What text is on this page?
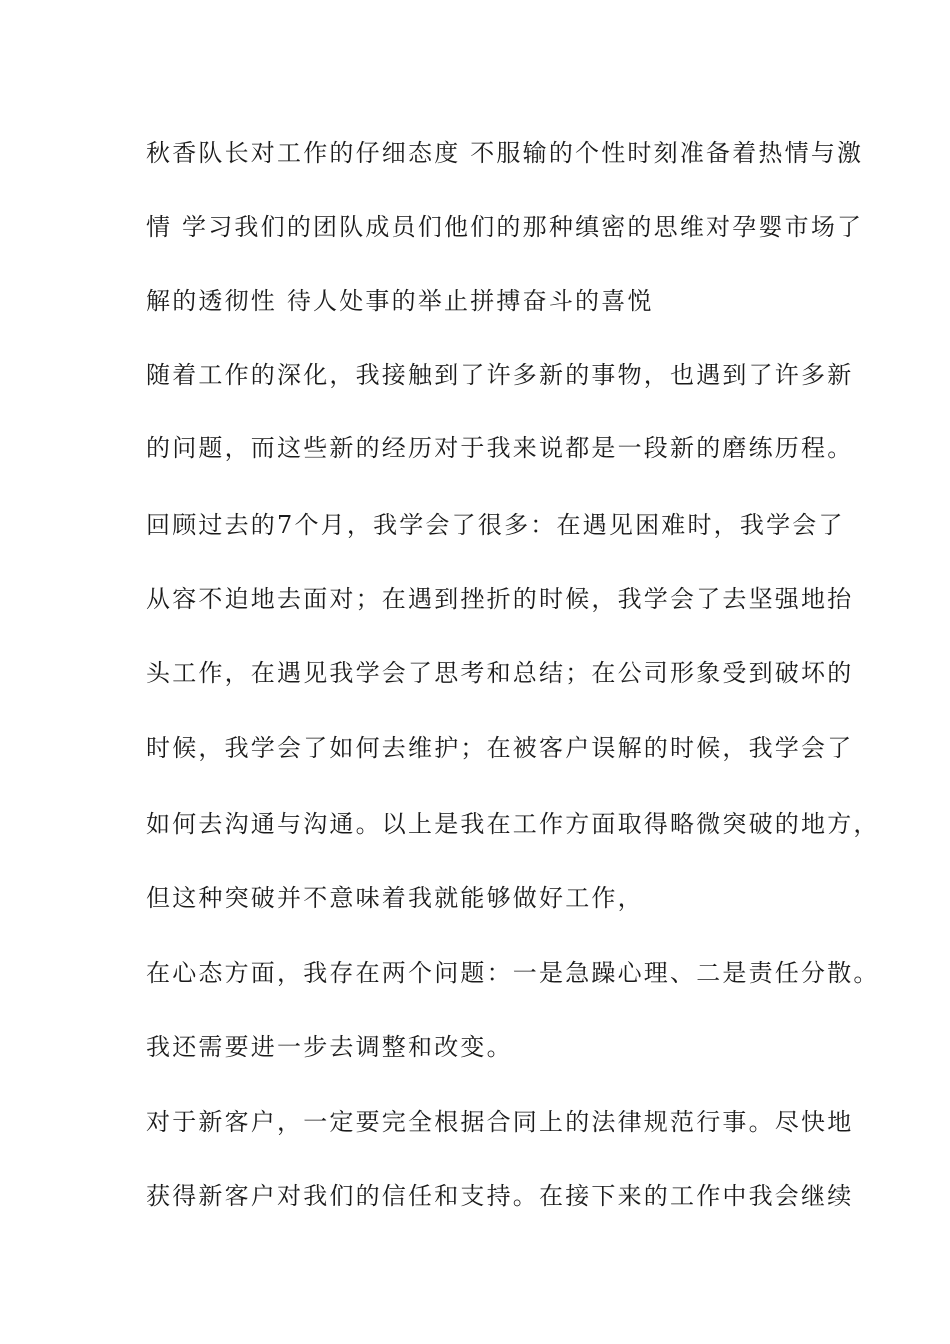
秋香队长对工作的仔细态度 不服输的个性时刻准备着热情与激
情 学习我们的团队成员们他们的那种缜密的思维对孕婴市场了
解的透彻性 待人处事的举止拼搏奋斗的喜悦
随着工作的深化，我接触到了许多新的事物，也遇到了许多新
的问题，而这些新的经历对于我来说都是一段新的磨练历程。
回顾过去的7个月，我学会了很多：在遇见困难时，我学会了
从容不迫地去面对；在遇到挫折的时候，我学会了去坚强地抬
头工作，在遇见我学会了思考和总结；在公司形象受到破坏的
时候，我学会了如何去维护；在被客户误解的时候，我学会了
如何去沟通与沟通。以上是我在工作方面取得略微突破的地方，
但这种突破并不意味着我就能够做好工作，
在心态方面，我存在两个问题：一是急躁心理、二是责任分散。
我还需要进一步去调整和改变。
对于新客户，一定要完全根据合同上的法律规范行事。尽快地
获得新客户对我们的信任和支持。在接下来的工作中我会继续
